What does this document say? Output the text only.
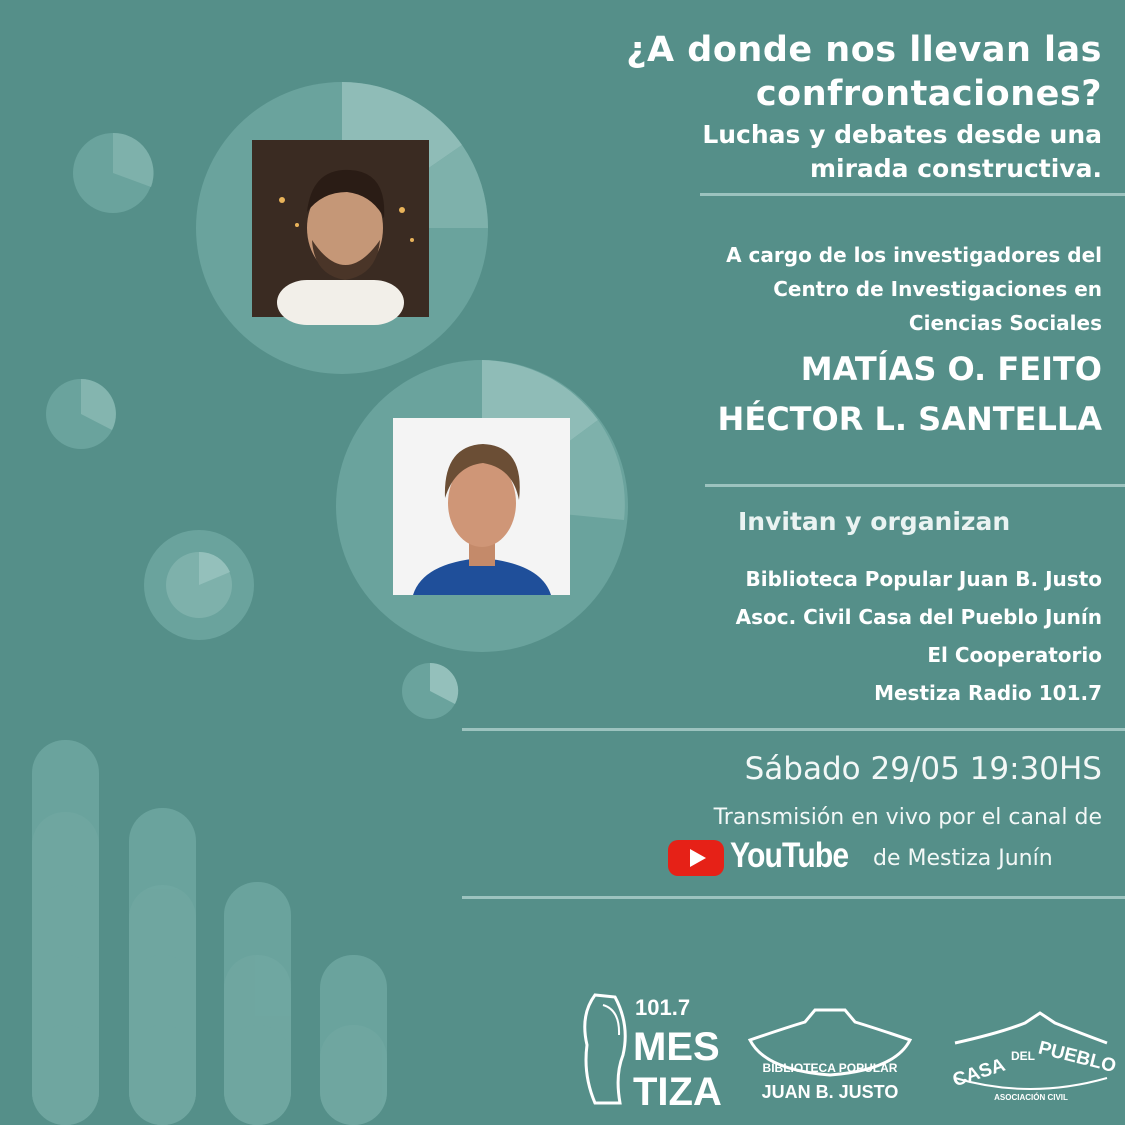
¿A donde nos llevan las
confrontaciones?
Luchas y debates desde una
mirada constructiva.
A cargo de los investigadores del
Centro de Investigaciones en
Ciencias Sociales
MATÍAS O. FEITO
HÉCTOR L. SANTELLA
Invitan y organizan
Biblioteca Popular Juan B. Justo
Asoc. Civil Casa del Pueblo Junín
El Cooperatorio
Mestiza Radio 101.7
Sábado 29/05 19:30HS
Transmisión en vivo por el canal de
YouTube de Mestiza Junín
101.7
MES
TIZA
BIBLIOTECA POPULAR
JUAN B. JUSTO
CASA DEL PUEBLO
ASOCIACIÓN CIVIL
